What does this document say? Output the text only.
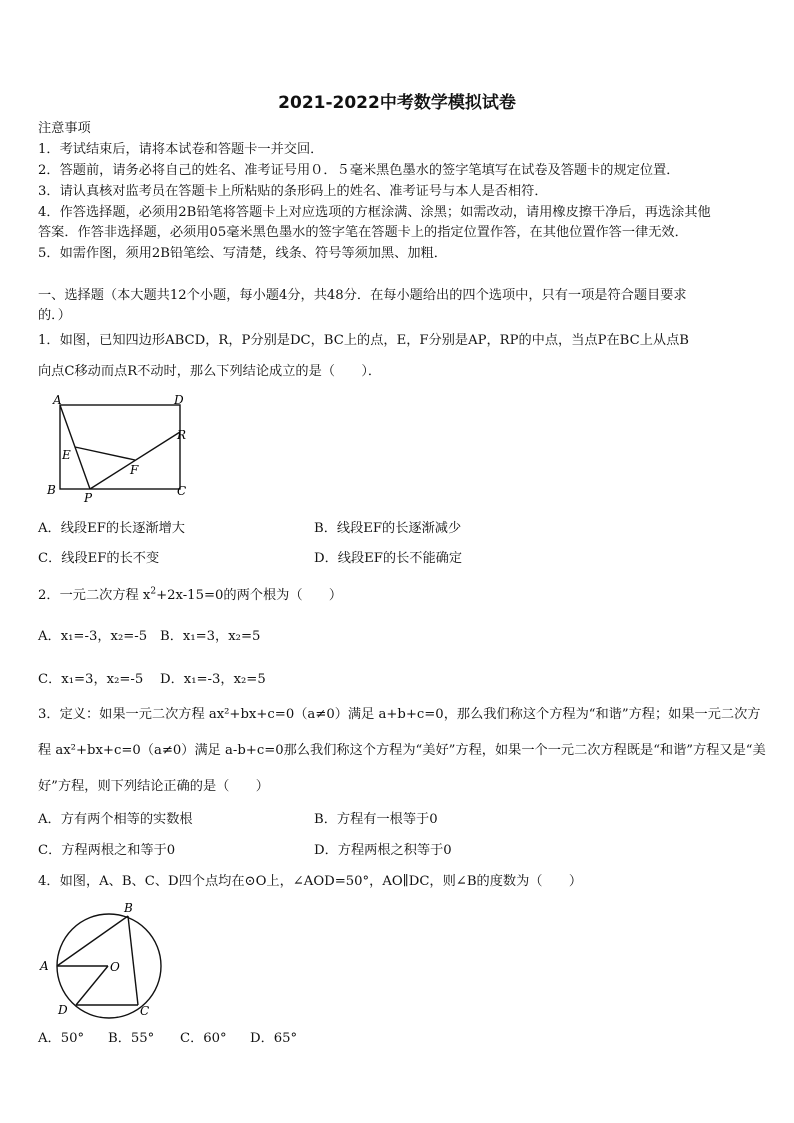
2021-2022中考数学模拟试卷
注意事项
1．考试结束后，请将本试卷和答题卡一并交回．
2．答题前，请务必将自己的姓名、准考证号用０．５毫米黑色墨水的签字笔填写在试卷及答题卡的规定位置．
3．请认真核对监考员在答题卡上所粘贴的条形码上的姓名、准考证号与本人是否相符．
4．作答选择题，必须用2B铅笔将答题卡上对应选项的方框涂满、涂黑；如需改动，请用橡皮擦干净后，再选涂其他
答案．作答非选择题，必须用05毫米黑色墨水的签字笔在答题卡上的指定位置作答，在其他位置作答一律无效．
5．如需作图，须用2B铅笔绘、写清楚，线条、符号等须加黑、加粗．
一、选择题（本大题共12个小题，每小题4分，共48分．在每小题给出的四个选项中，只有一项是符合题目要求
的．）
1．如图，已知四边形ABCD，R，P分别是DC，BC上的点，E，F分别是AP，RP的中点，当点P在BC上从点B
向点C移动而点R不动时，那么下列结论成立的是（　　）．
A	D
R
E
F
B
P	C
A．线段EF的长逐渐增大	B．线段EF的长逐渐减少
C．线段EF的长不变	D．线段EF的长不能确定
2．一元二次方程 $x^2+2x-15=0$的两个根为（　　）
A．x₁=-3，x₂=-5 B．x₁=3，x₂=5
C．x₁=3，x₂=-5 D．x₁=-3，x₂=5
3．定义：如果一元二次方程 ax²+bx+c=0（a≠0）满足 a+b+c=0，那么我们称这个方程为“和谐”方程；如果一元二次方
程 ax²+bx+c=0（a≠0）满足 a-b+c=0那么我们称这个方程为“美好”方程，如果一个一元二次方程既是“和谐”方程又是“美
好”方程，则下列结论正确的是（　　）
A．方有两个相等的实数根	B．方程有一根等于0
C．方程两根之和等于0	D．方程两根之积等于0
4．如图，A、B、C、D四个点均在⊙O上，∠AOD=50°，AO∥DC，则∠B的度数为（　　）
B
A	O
D	C
A．50° B．55° C．60° D．65°
